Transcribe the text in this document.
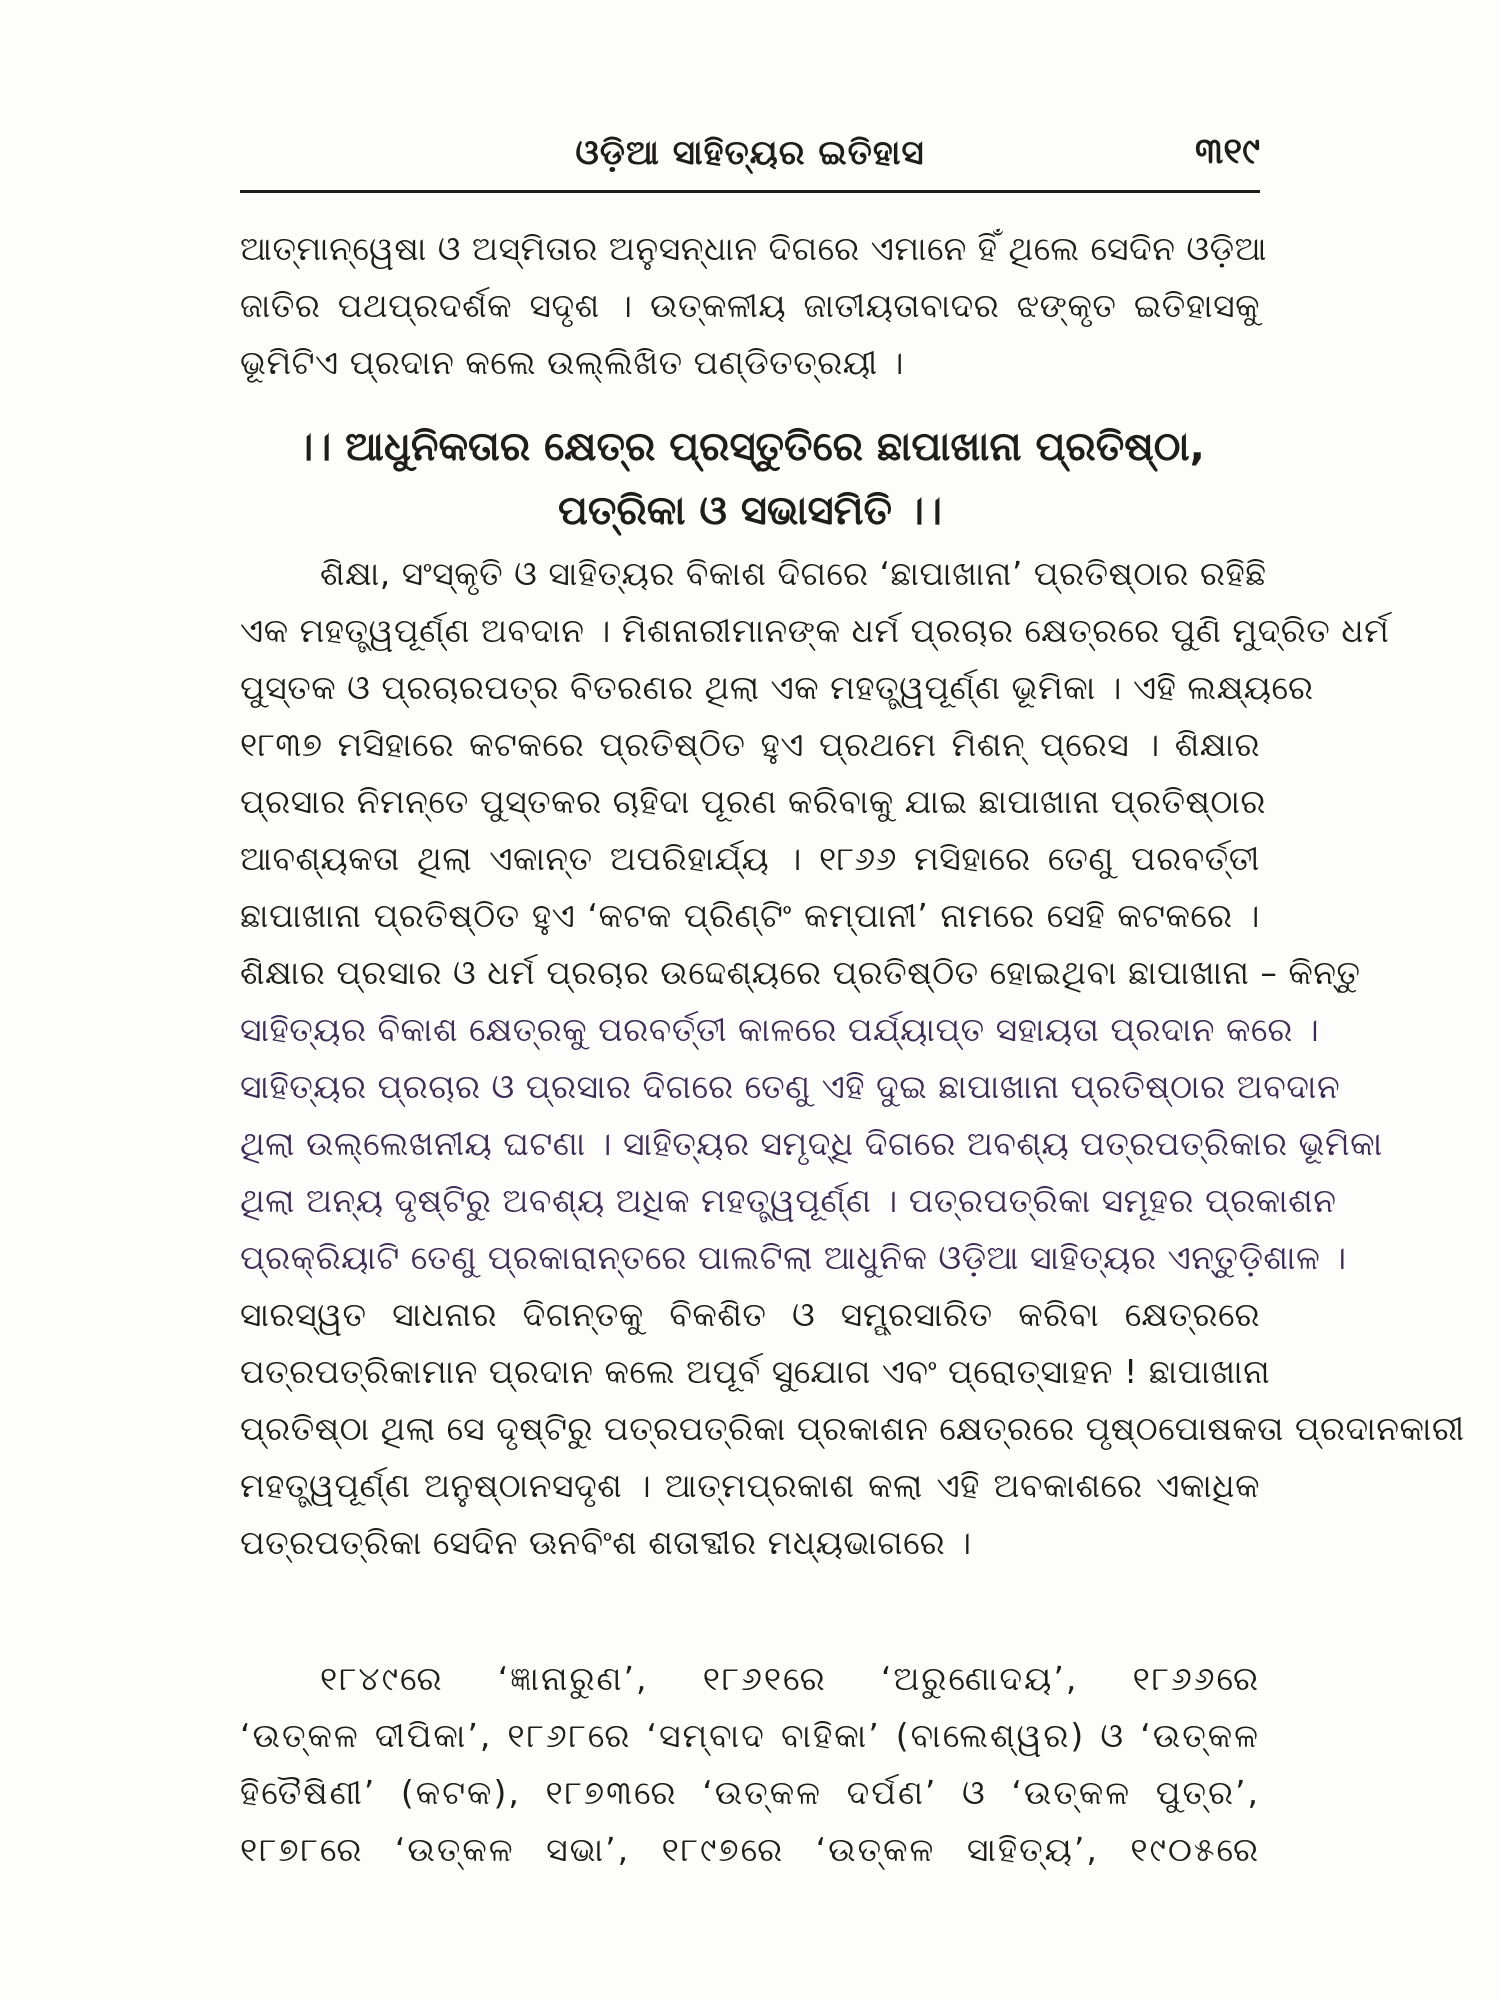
ଓଡ଼ିଆ ସାହିତ୍ୟର ଇତିହାସ	୩୧୯
ଆତ୍ମାନ୍ୱେଷା ଓ ଅସ୍ମିତାର ଅନୁସନ୍ଧାନ ଦିଗରେ ଏମାନେ ହିଁ ଥିଲେ ସେଦିନ ଓଡ଼ିଆ
ଜାତିର ପଥପ୍ରଦର୍ଶକ ସଦୃଶ । ଉତ୍କଳୀୟ ଜାତୀୟତାବାଦର ଝଙ୍କୃତ ଇତିହାସକୁ
ଭୂମିଟିଏ ପ୍ରଦାନ କଲେ ଉଲ୍ଲିଖିତ ପଣ୍ଡିତତ୍ରୟୀ ।
।। ଆଧୁନିକତାର କ୍ଷେତ୍ର ପ୍ରସ୍ତୁତିରେ ଛାପାଖାନା ପ୍ରତିଷ୍ଠା,
ପତ୍ରିକା ଓ ସଭାସମିତି ।।
ଶିକ୍ଷା, ସଂସ୍କୃତି ଓ ସାହିତ୍ୟର ବିକାଶ ଦିଗରେ ‘ଛାପାଖାନା’ ପ୍ରତିଷ୍ଠାର ରହିଛି
ଏକ ମହତ୍ତ୍ୱପୂର୍ଣ୍ଣ ଅବଦାନ । ମିଶନାରୀମାନଙ୍କ ଧର୍ମ ପ୍ରଚାର କ୍ଷେତ୍ରରେ ପୁଣି ମୁଦ୍ରିତ ଧର୍ମ
ପୁସ୍ତକ ଓ ପ୍ରଚାରପତ୍ର ବିତରଣର ଥିଲା ଏକ ମହତ୍ତ୍ୱପୂର୍ଣ୍ଣ ଭୂମିକା । ଏହି ଲକ୍ଷ୍ୟରେ
୧୮୩୭ ମସିହାରେ କଟକରେ ପ୍ରତିଷ୍ଠିତ ହୁଏ ପ୍ରଥମେ ମିଶନ୍ ପ୍ରେସ । ଶିକ୍ଷାର
ପ୍ରସାର ନିମନ୍ତେ ପୁସ୍ତକର ଚାହିଦା ପୂରଣ କରିବାକୁ ଯାଇ ଛାପାଖାନା ପ୍ରତିଷ୍ଠାର
ଆବଶ୍ୟକତା ଥିଲା ଏକାନ୍ତ ଅପରିହାର୍ଯ୍ୟ । ୧୮୬୬ ମସିହାରେ ତେଣୁ ପରବର୍ତ୍ତୀ
ଛାପାଖାନା ପ୍ରତିଷ୍ଠିତ ହୁଏ ‘କଟକ ପ୍ରିଣ୍ଟିଂ କମ୍ପାନୀ’ ନାମରେ ସେହି କଟକରେ ।
ଶିକ୍ଷାର ପ୍ରସାର ଓ ଧର୍ମ ପ୍ରଚାର ଉଦ୍ଦେଶ୍ୟରେ ପ୍ରତିଷ୍ଠିତ ହୋଇଥିବା ଛାପାଖାନା – କିନ୍ତୁ
ସାହିତ୍ୟର ବିକାଶ କ୍ଷେତ୍ରକୁ ପରବର୍ତ୍ତୀ କାଳରେ ପର୍ଯ୍ୟାପ୍ତ ସହାୟତା ପ୍ରଦାନ କରେ ।
ସାହିତ୍ୟର ପ୍ରଚାର ଓ ପ୍ରସାର ଦିଗରେ ତେଣୁ ଏହି ଦୁଇ ଛାପାଖାନା ପ୍ରତିଷ୍ଠାର ଅବଦାନ
ଥିଲା ଉଲ୍ଲେଖନୀୟ ଘଟଣା । ସାହିତ୍ୟର ସମୃଦ୍ଧି ଦିଗରେ ଅବଶ୍ୟ ପତ୍ରପତ୍ରିକାର ଭୂମିକା
ଥିଲା ଅନ୍ୟ ଦୃଷ୍ଟିରୁ ଅବଶ୍ୟ ଅଧିକ ମହତ୍ତ୍ୱପୂର୍ଣ୍ଣ । ପତ୍ରପତ୍ରିକା ସମୂହର ପ୍ରକାଶନ
ପ୍ରକ୍ରିୟାଟି ତେଣୁ ପ୍ରକାରାନ୍ତରେ ପାଲଟିଲା ଆଧୁନିକ ଓଡ଼ିଆ ସାହିତ୍ୟର ଏନ୍ତୁଡ଼ିଶାଳ ।
ସାରସ୍ୱତ ସାଧନାର ଦିଗନ୍ତକୁ ବିକଶିତ ଓ ସମ୍ପ୍ରସାରିତ କରିବା କ୍ଷେତ୍ରରେ
ପତ୍ରପତ୍ରିକାମାନ ପ୍ରଦାନ କଲେ ଅପୂର୍ବ ସୁଯୋଗ ଏବଂ ପ୍ରୋତ୍ସାହନ ! ଛାପାଖାନା
ପ୍ରତିଷ୍ଠା ଥିଲା ସେ ଦୃଷ୍ଟିରୁ ପତ୍ରପତ୍ରିକା ପ୍ରକାଶନ କ୍ଷେତ୍ରରେ ପୃଷ୍ଠପୋଷକତା ପ୍ରଦାନକାରୀ
ମହତ୍ତ୍ୱପୂର୍ଣ୍ଣ ଅନୁଷ୍ଠାନସଦୃଶ । ଆତ୍ମପ୍ରକାଶ କଲା ଏହି ଅବକାଶରେ ଏକାଧିକ
ପତ୍ରପତ୍ରିକା ସେଦିନ ଊନବିଂଶ ଶତାବ୍ଦୀର ମଧ୍ୟଭାଗରେ ।
୧୮୪୯ରେ ‘ଜ୍ଞାନାରୁଣ’, ୧୮୬୧ରେ ‘ଅରୁଣୋଦୟ’, ୧୮୬୬ରେ
‘ଉତ୍କଳ ଦୀପିକା’, ୧୮୬୮ରେ ‘ସମ୍ବାଦ ବାହିକା’ (ବାଲେଶ୍ୱର) ଓ ‘ଉତ୍କଳ
ହିତୈଷିଣୀ’ (କଟକ), ୧୮୭୩ରେ ‘ଉତ୍କଳ ଦର୍ପଣ’ ଓ ‘ଉତ୍କଳ ପୁତ୍ର’,
୧୮୭୮ରେ ‘ଉତ୍କଳ ସଭା’, ୧୮୯୭ରେ ‘ଉତ୍କଳ ସାହିତ୍ୟ’, ୧୯୦୫ରେ
